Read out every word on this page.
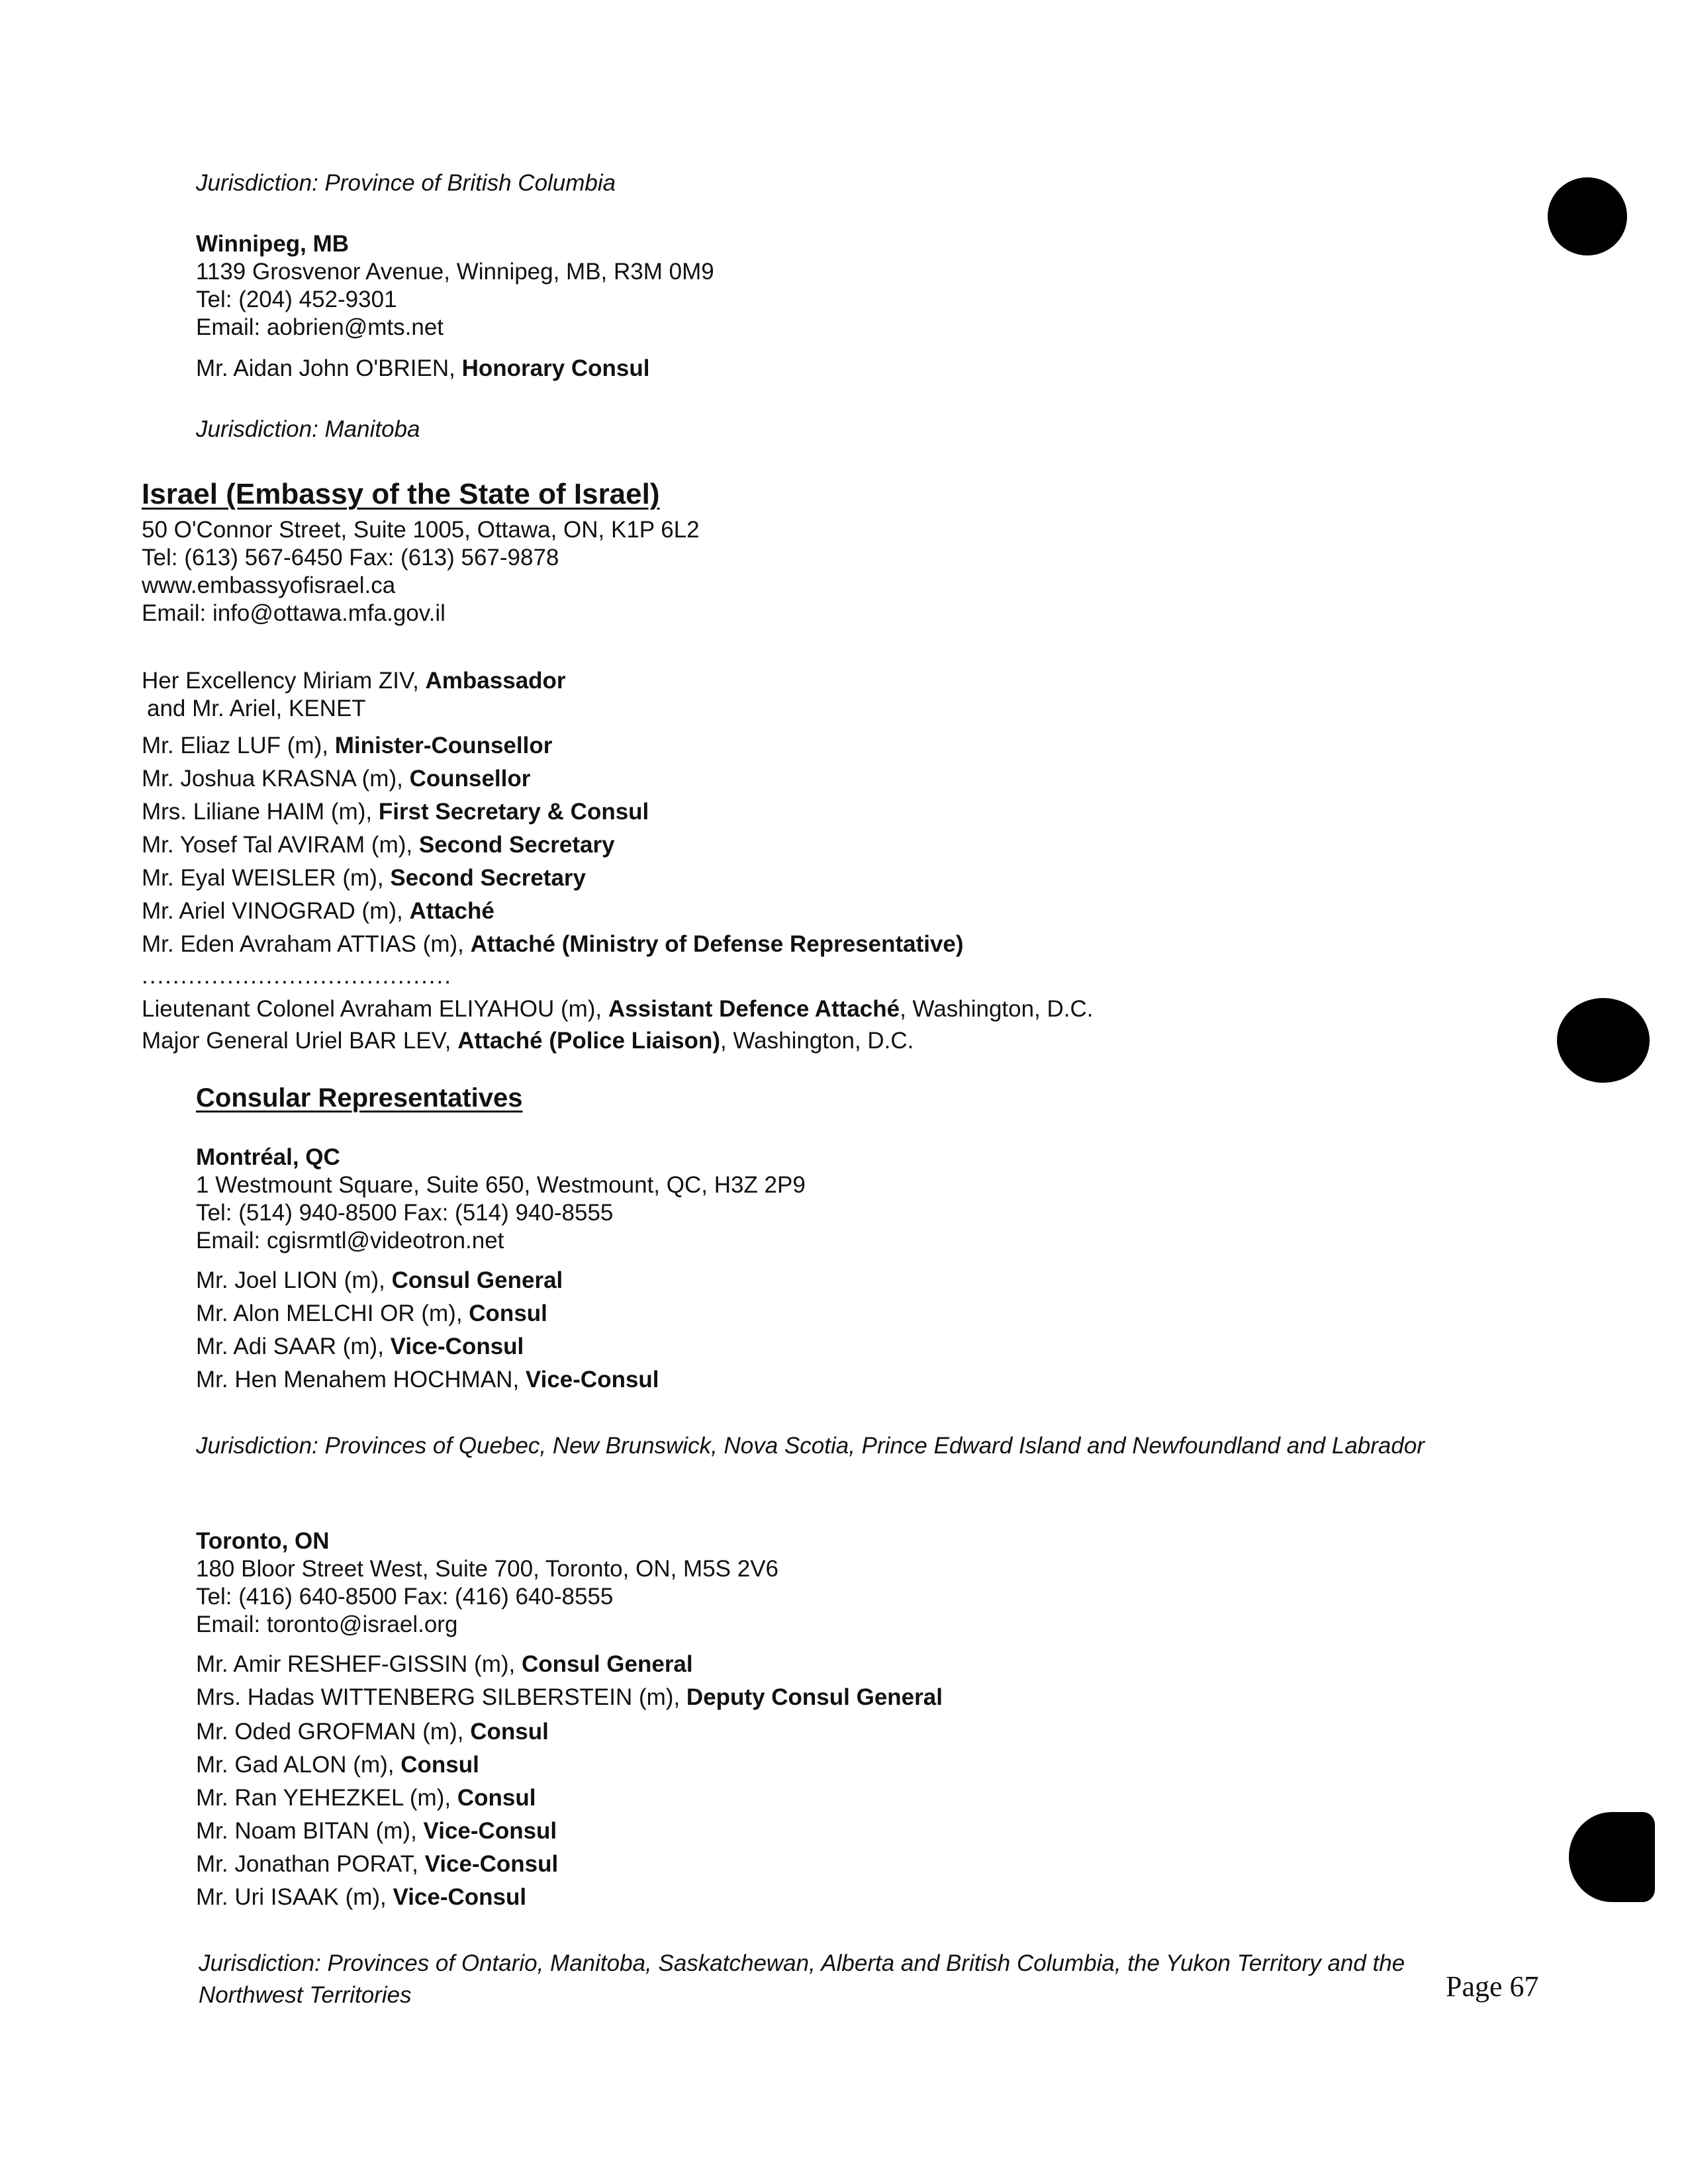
Jurisdiction: Province of British Columbia
Winnipeg, MB
1139 Grosvenor Avenue, Winnipeg, MB, R3M 0M9
Tel: (204) 452-9301
Email: aobrien@mts.net
Mr. Aidan John O'BRIEN, Honorary Consul
Jurisdiction: Manitoba
Israel (Embassy of the State of Israel)
50 O'Connor Street, Suite 1005, Ottawa, ON, K1P 6L2
Tel: (613) 567-6450 Fax: (613) 567-9878
www.embassyofisrael.ca
Email: info@ottawa.mfa.gov.il
Her Excellency Miriam ZIV, Ambassador
and Mr. Ariel, KENET
Mr. Eliaz LUF (m), Minister-Counsellor
Mr. Joshua KRASNA (m), Counsellor
Mrs. Liliane HAIM (m), First Secretary & Consul
Mr. Yosef Tal AVIRAM (m), Second Secretary
Mr. Eyal WEISLER (m), Second Secretary
Mr. Ariel VINOGRAD (m), Attaché
Mr. Eden Avraham ATTIAS (m), Attaché (Ministry of Defense Representative)
........................................
Lieutenant Colonel Avraham ELIYAHOU (m), Assistant Defence Attaché, Washington, D.C.
Major General Uriel BAR LEV, Attaché (Police Liaison), Washington, D.C.
Consular Representatives
Montréal, QC
1 Westmount Square, Suite 650, Westmount, QC, H3Z 2P9
Tel: (514) 940-8500 Fax: (514) 940-8555
Email: cgisrmtl@videotron.net
Mr. Joel LION (m), Consul General
Mr. Alon MELCHI OR (m), Consul
Mr. Adi SAAR (m), Vice-Consul
Mr. Hen Menahem HOCHMAN, Vice-Consul
Jurisdiction: Provinces of Quebec, New Brunswick, Nova Scotia, Prince Edward Island and Newfoundland and Labrador
Toronto, ON
180 Bloor Street West, Suite 700, Toronto, ON, M5S 2V6
Tel: (416) 640-8500 Fax: (416) 640-8555
Email: toronto@israel.org
Mr. Amir RESHEF-GISSIN (m), Consul General
Mrs. Hadas WITTENBERG SILBERSTEIN (m), Deputy Consul General
Mr. Oded GROFMAN (m), Consul
Mr. Gad ALON (m), Consul
Mr. Ran YEHEZKEL (m), Consul
Mr. Noam BITAN (m), Vice-Consul
Mr. Jonathan PORAT, Vice-Consul
Mr. Uri ISAAK (m), Vice-Consul
Jurisdiction: Provinces of Ontario, Manitoba, Saskatchewan, Alberta and British Columbia, the Yukon Territory and the
Northwest Territories	Page 67
